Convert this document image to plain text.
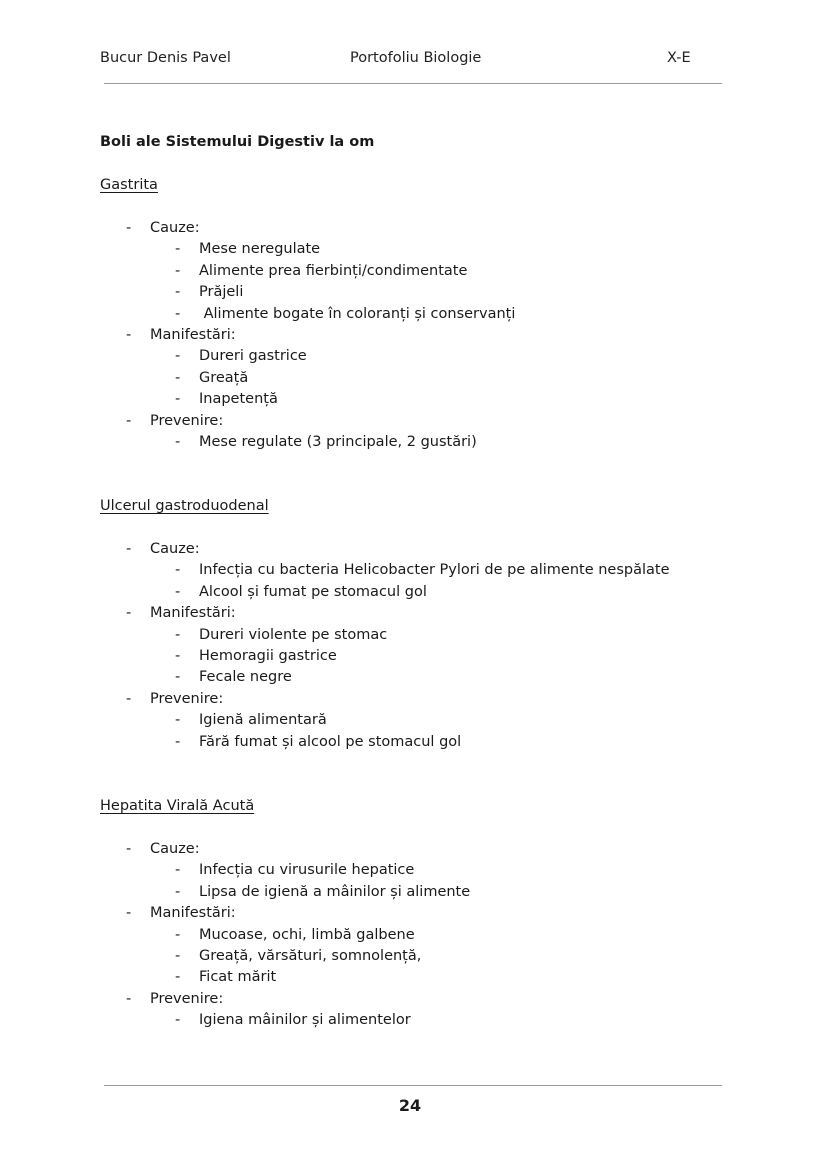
Bucur Denis Pavel	Portofoliu Biologie	X-E
Boli ale Sistemului Digestiv la om
Gastrita
- Cauze:
- Mese neregulate
- Alimente prea fierbinți/condimentate
- Prăjeli
- Alimente bogate în coloranți și conservanți
- Manifestări:
- Dureri gastrice
- Greață
- Inapetență
- Prevenire:
- Mese regulate (3 principale, 2 gustări)
Ulcerul gastroduodenal
- Cauze:
- Infecția cu bacteria Helicobacter Pylori de pe alimente nespălate
- Alcool și fumat pe stomacul gol
- Manifestări:
- Dureri violente pe stomac
- Hemoragii gastrice
- Fecale negre
- Prevenire:
- Igienă alimentară
- Fără fumat și alcool pe stomacul gol
Hepatita Virală Acută
- Cauze:
- Infecția cu virusurile hepatice
- Lipsa de igienă a mâinilor și alimente
- Manifestări:
- Mucoase, ochi, limbă galbene
- Greață, vărsături, somnolență,
- Ficat mărit
- Prevenire:
- Igiena mâinilor și alimentelor
24
